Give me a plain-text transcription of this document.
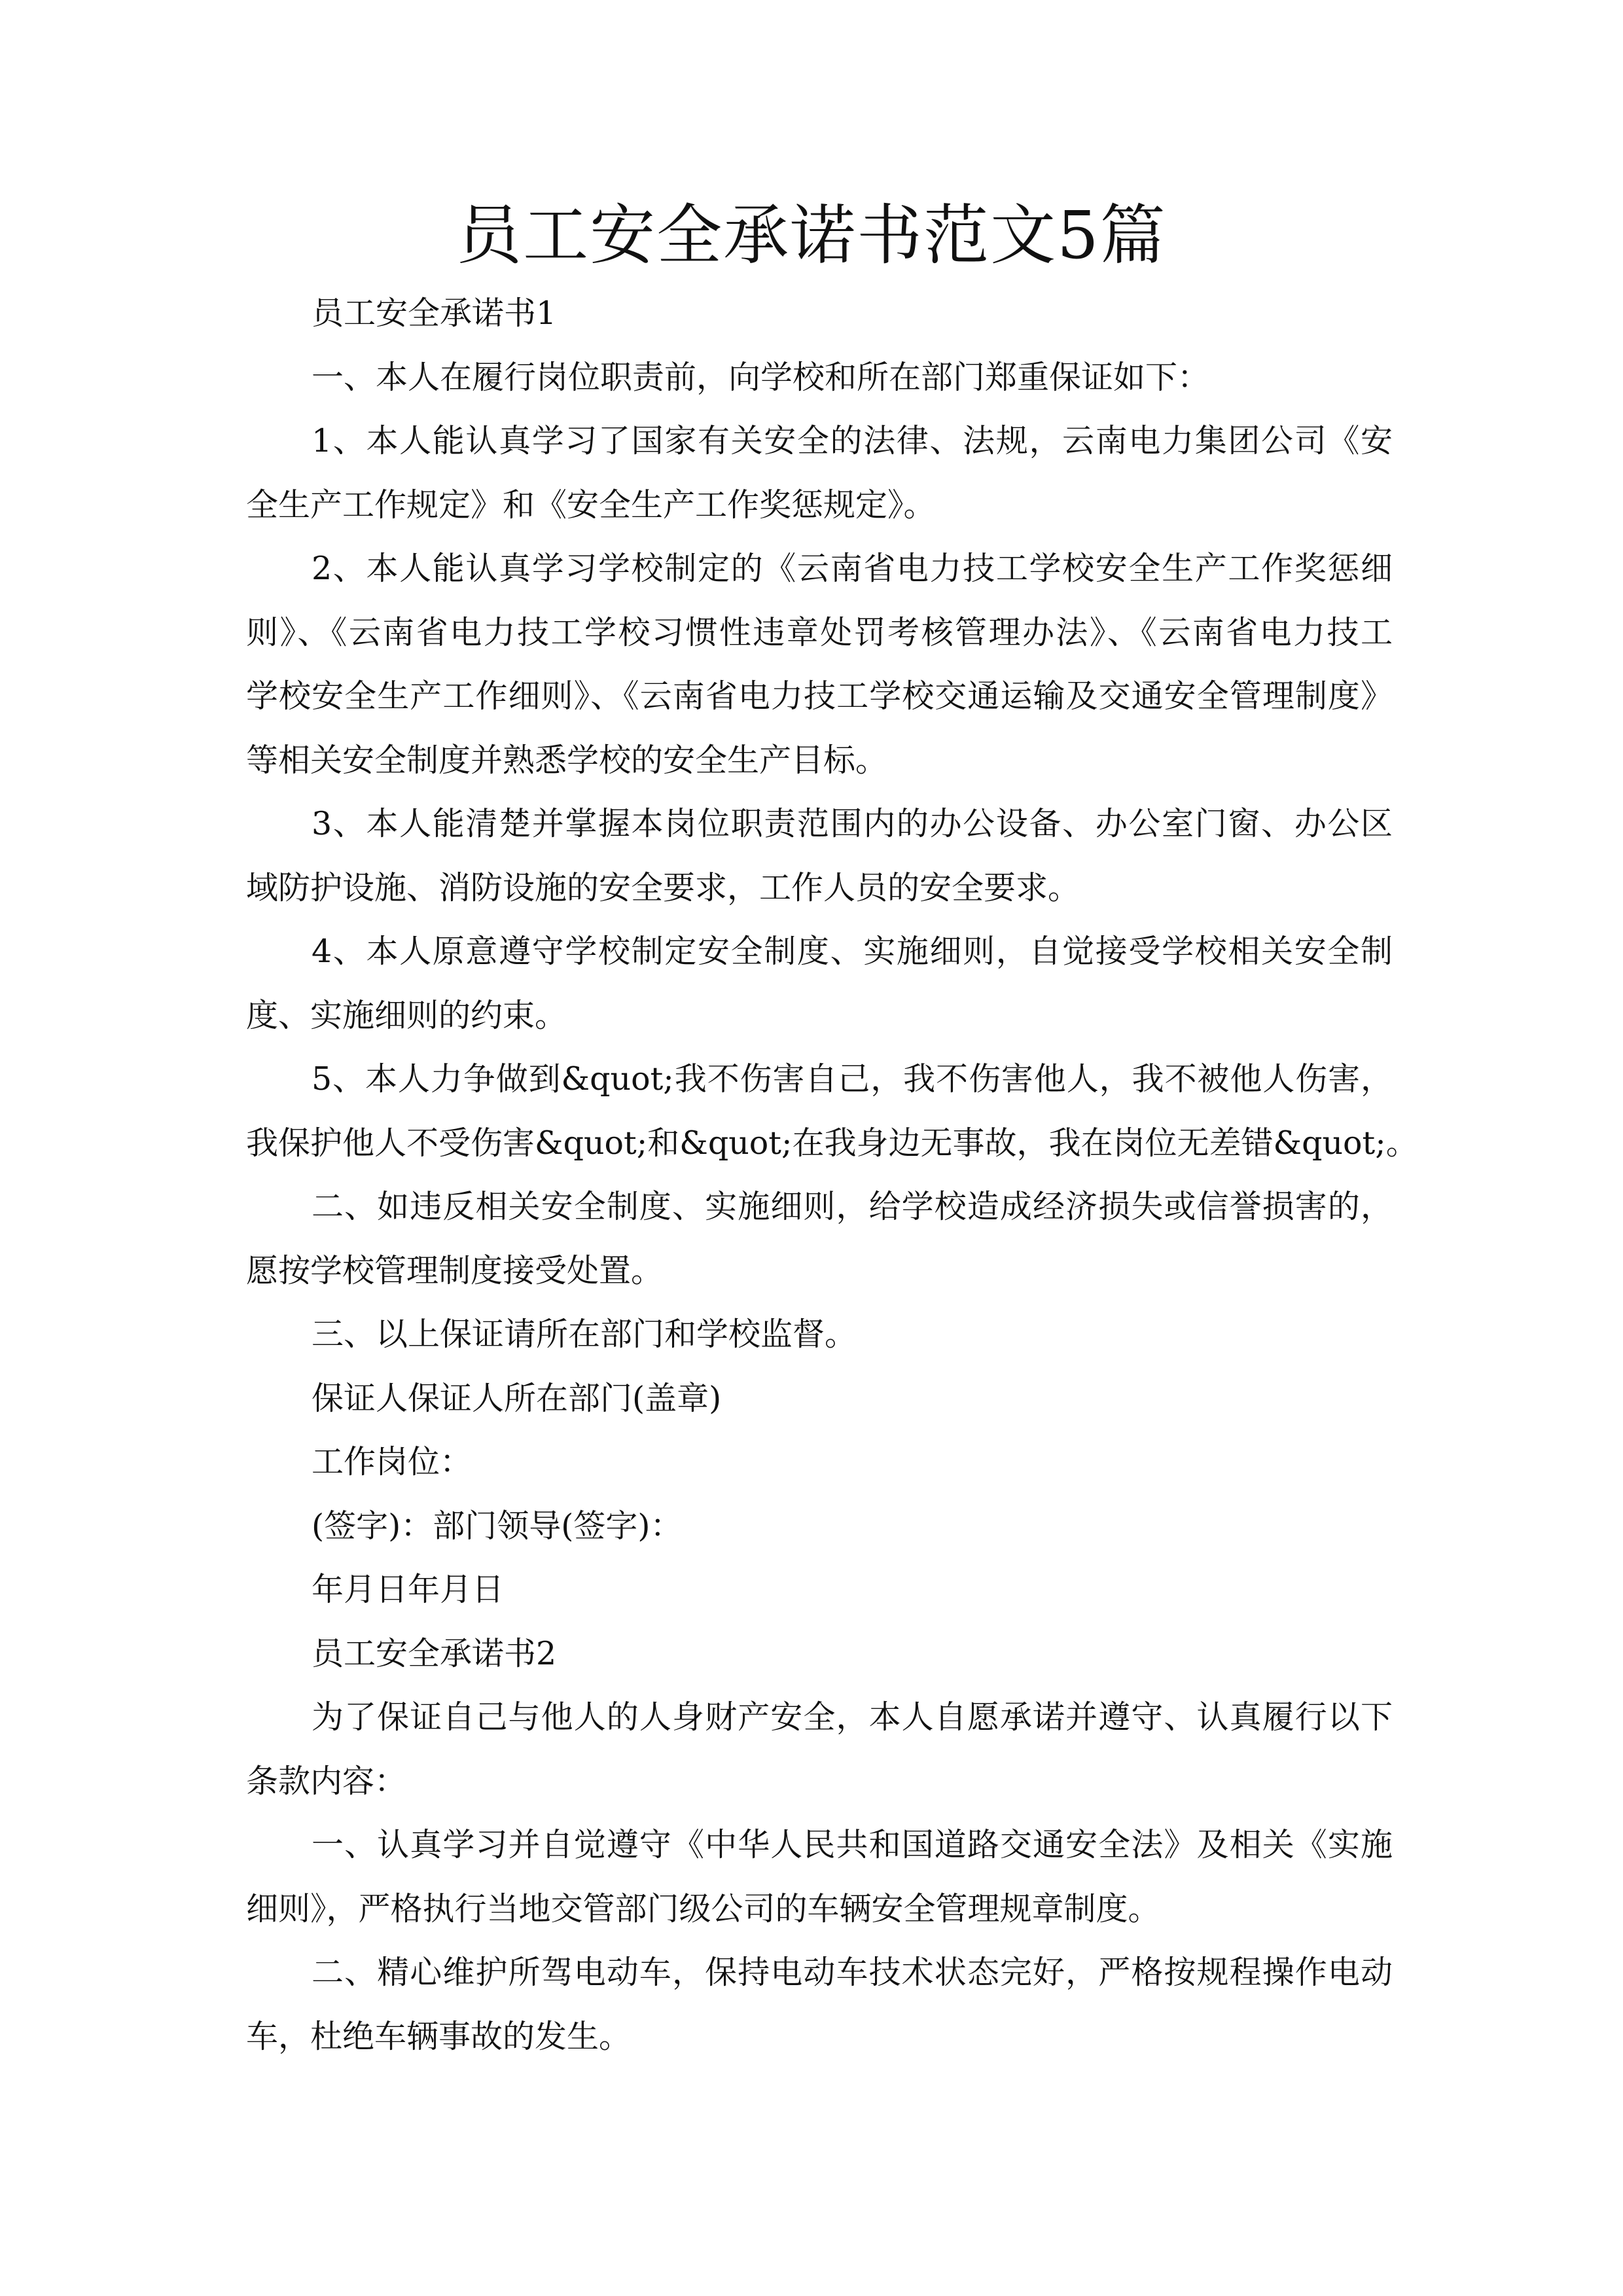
员工安全承诺书范文5篇
员工安全承诺书1
一、本人在履行岗位职责前，向学校和所在部门郑重保证如下：
1、本人能认真学习了国家有关安全的法律、法规，云南电力集团公司《安
全生产工作规定》和《安全生产工作奖惩规定》。
2、本人能认真学习学校制定的《云南省电力技工学校安全生产工作奖惩细
则》、《云南省电力技工学校习惯性违章处罚考核管理办法》、《云南省电力技工
学校安全生产工作细则》、《云南省电力技工学校交通运输及交通安全管理制度》
等相关安全制度并熟悉学校的安全生产目标。
3、本人能清楚并掌握本岗位职责范围内的办公设备、办公室门窗、办公区
域防护设施、消防设施的安全要求，工作人员的安全要求。
4、本人原意遵守学校制定安全制度、实施细则，自觉接受学校相关安全制
度、实施细则的约束。
5、本人力争做到&quot;我不伤害自己，我不伤害他人，我不被他人伤害，
我保护他人不受伤害&quot;和&quot;在我身边无事故，我在岗位无差错&quot;。
二、如违反相关安全制度、实施细则，给学校造成经济损失或信誉损害的，
愿按学校管理制度接受处置。
三、以上保证请所在部门和学校监督。
保证人保证人所在部门(盖章)
工作岗位：
(签字)：部门领导(签字)：
年月日年月日
员工安全承诺书2
为了保证自己与他人的人身财产安全，本人自愿承诺并遵守、认真履行以下
条款内容：
一、认真学习并自觉遵守《中华人民共和国道路交通安全法》及相关《实施
细则》，严格执行当地交管部门级公司的车辆安全管理规章制度。
二、精心维护所驾电动车，保持电动车技术状态完好，严格按规程操作电动
车，杜绝车辆事故的发生。
